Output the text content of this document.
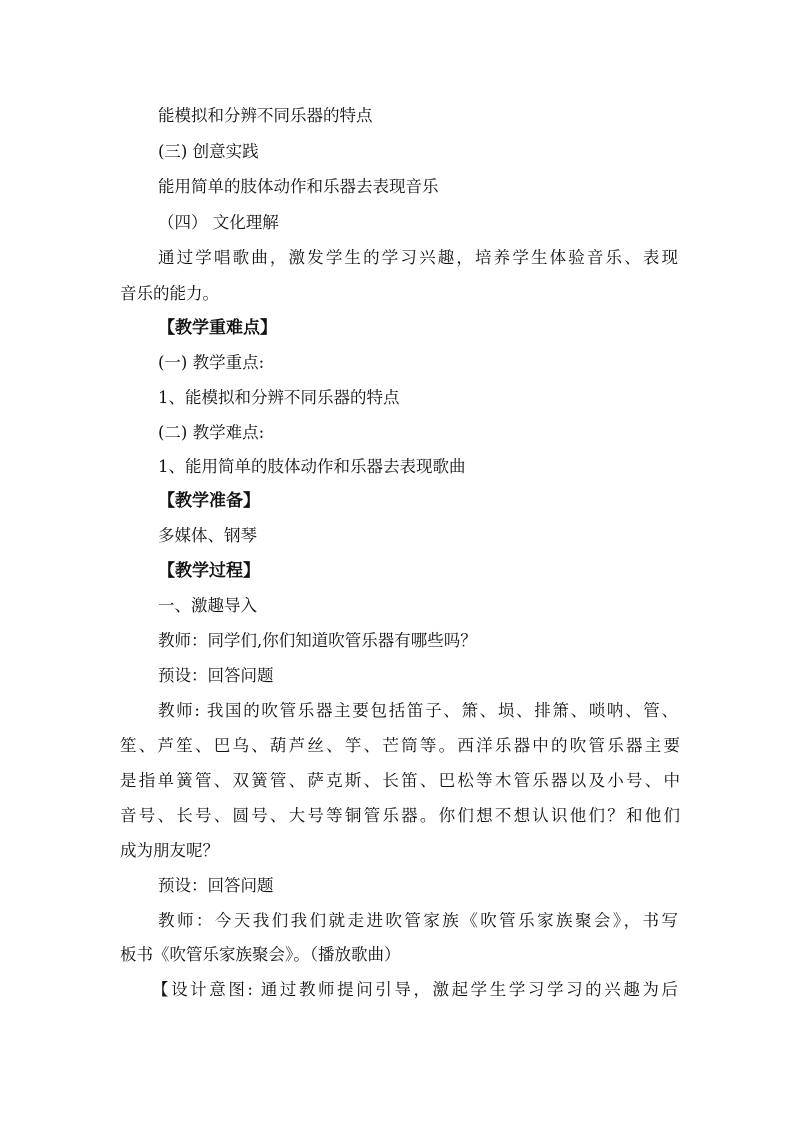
能模拟和分辨不同乐器的特点
(三) 创意实践
能用简单的肢体动作和乐器去表现音乐
（四） 文化理解
通过学唱歌曲，激发学生的学习兴趣，培养学生体验音乐、表现
音乐的能力。
【教学重难点】
(一) 教学重点:
1、能模拟和分辨不同乐器的特点
(二) 教学难点:
1、能用简单的肢体动作和乐器去表现歌曲
【教学准备】
多媒体、钢琴
【教学过程】
一、激趣导入
教师：同学们,你们知道吹管乐器有哪些吗？
预设：回答问题
教师: 我国的吹管乐器主要包括笛子、箫、埙、排箫、唢呐、管、
笙、芦笙、巴乌、葫芦丝、竽、芒筒等。西洋乐器中的吹管乐器主要
是指单簧管、双簧管、萨克斯、长笛、巴松等木管乐器以及小号、中
音号、长号、圆号、大号等铜管乐器。你们想不想认识他们？和他们
成为朋友呢？
预设：回答问题
教师：今天我们我们就走进吹管家族《吹管乐家族聚会》，书写
板书《吹管乐家族聚会》。（播放歌曲）
【设计意图: 通过教师提问引导，激起学生学习学习的兴趣为后
